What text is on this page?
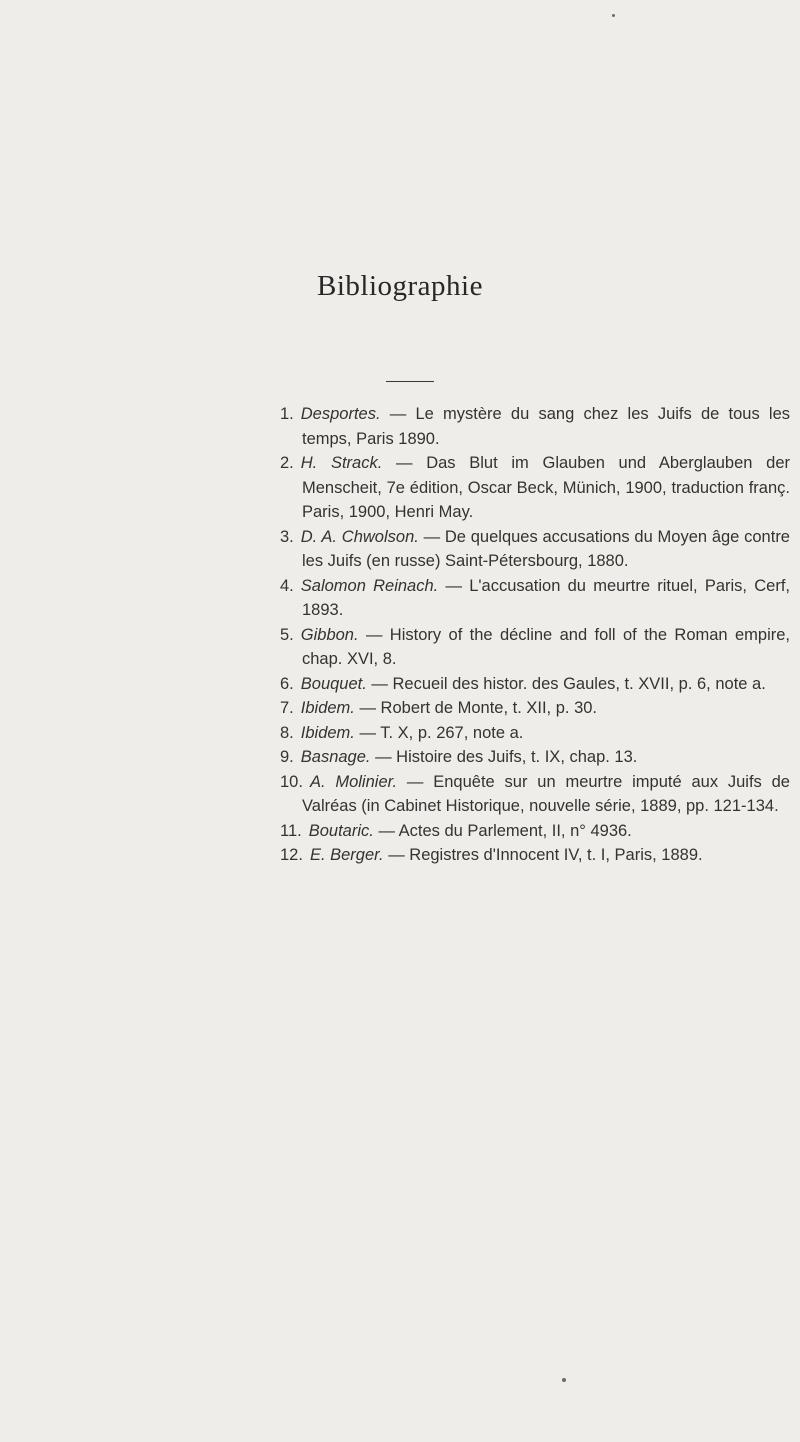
Bibliographie
1. Desportes. — Le mystère du sang chez les Juifs de tous les temps, Paris 1890.
2. H. Strack. — Das Blut im Glauben und Aberglauben der Menscheit, 7e édition, Oscar Beck, Münich, 1900, traduction franç. Paris, 1900, Henri May.
3. D. A. Chwolson. — De quelques accusations du Moyen âge contre les Juifs (en russe) Saint-Pétersbourg, 1880.
4. Salomon Reinach. — L'accusation du meurtre rituel, Paris, Cerf, 1893.
5. Gibbon. — History of the décline and foll of the Roman empire, chap. XVI, 8.
6. Bouquet. — Recueil des histor. des Gaules, t. XVII, p. 6, note a.
7. Ibidem. — Robert de Monte, t. XII, p. 30.
8. Ibidem. — T. X, p. 267, note a.
9. Basnage. — Histoire des Juifs, t. IX, chap. 13.
10. A. Molinier. — Enquête sur un meurtre imputé aux Juifs de Valréas (in Cabinet Historique, nouvelle série, 1889, pp. 121-134.
11. Boutaric. — Actes du Parlement, II, n° 4936.
12. E. Berger. — Registres d'Innocent IV, t. I, Paris, 1889.
